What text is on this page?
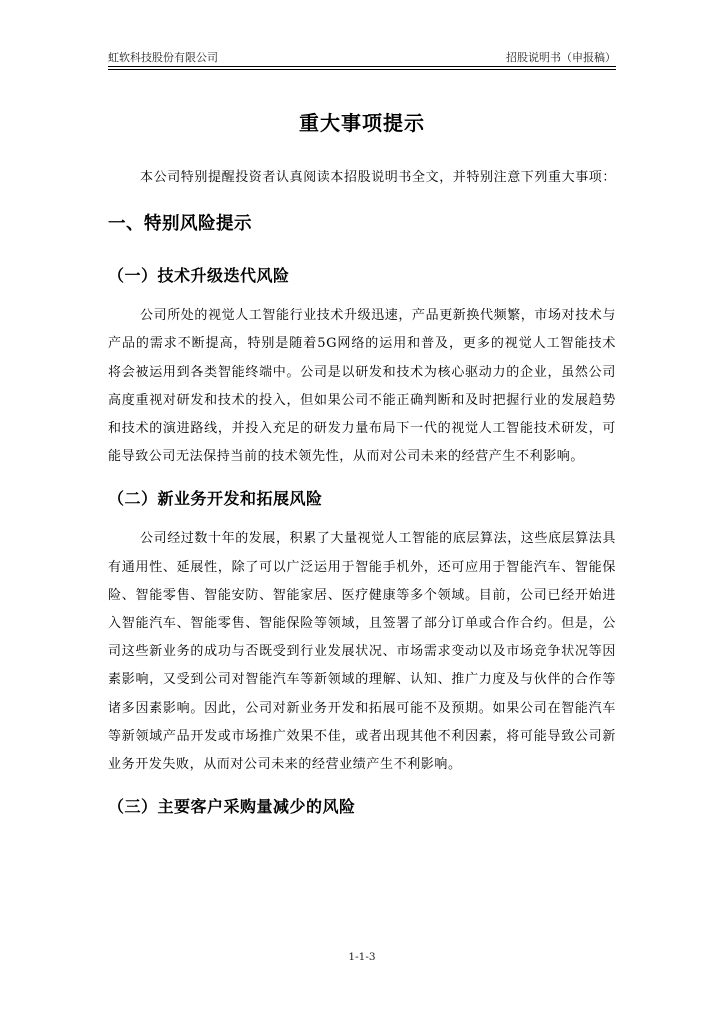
虹软科技股份有限公司	招股说明书（申报稿）
重大事项提示

本公司特别提醒投资者认真阅读本招股说明书全文，并特别注意下列重大事项：

一、特别风险提示
（一）技术升级迭代风险

公司所处的视觉人工智能行业技术升级迅速，产品更新换代频繁，市场对技术与产品的需求不断提高，特别是随着5G网络的运用和普及，更多的视觉人工智能技术将会被运用到各类智能终端中。公司是以研发和技术为核心驱动力的企业，虽然公司高度重视对研发和技术的投入，但如果公司不能正确判断和及时把握行业的发展趋势和技术的演进路线，并投入充足的研发力量布局下一代的视觉人工智能技术研发，可能导致公司无法保持当前的技术领先性，从而对公司未来的经营产生不利影响。

（二）新业务开发和拓展风险

公司经过数十年的发展，积累了大量视觉人工智能的底层算法，这些底层算法具有通用性、延展性，除了可以广泛运用于智能手机外，还可应用于智能汽车、智能保险、智能零售、智能安防、智能家居、医疗健康等多个领域。目前，公司已经开始进入智能汽车、智能零售、智能保险等领域，且签署了部分订单或合作合约。但是，公司这些新业务的成功与否既受到行业发展状况、市场需求变动以及市场竞争状况等因素影响，又受到公司对智能汽车等新领域的理解、认知、推广力度及与伙伴的合作等诸多因素影响。因此，公司对新业务开发和拓展可能不及预期。如果公司在智能汽车等新领域产品开发或市场推广效果不佳，或者出现其他不利因素，将可能导致公司新业务开发失败，从而对公司未来的经营业绩产生不利影响。

（三）主要客户采购量减少的风险
1-1-3
